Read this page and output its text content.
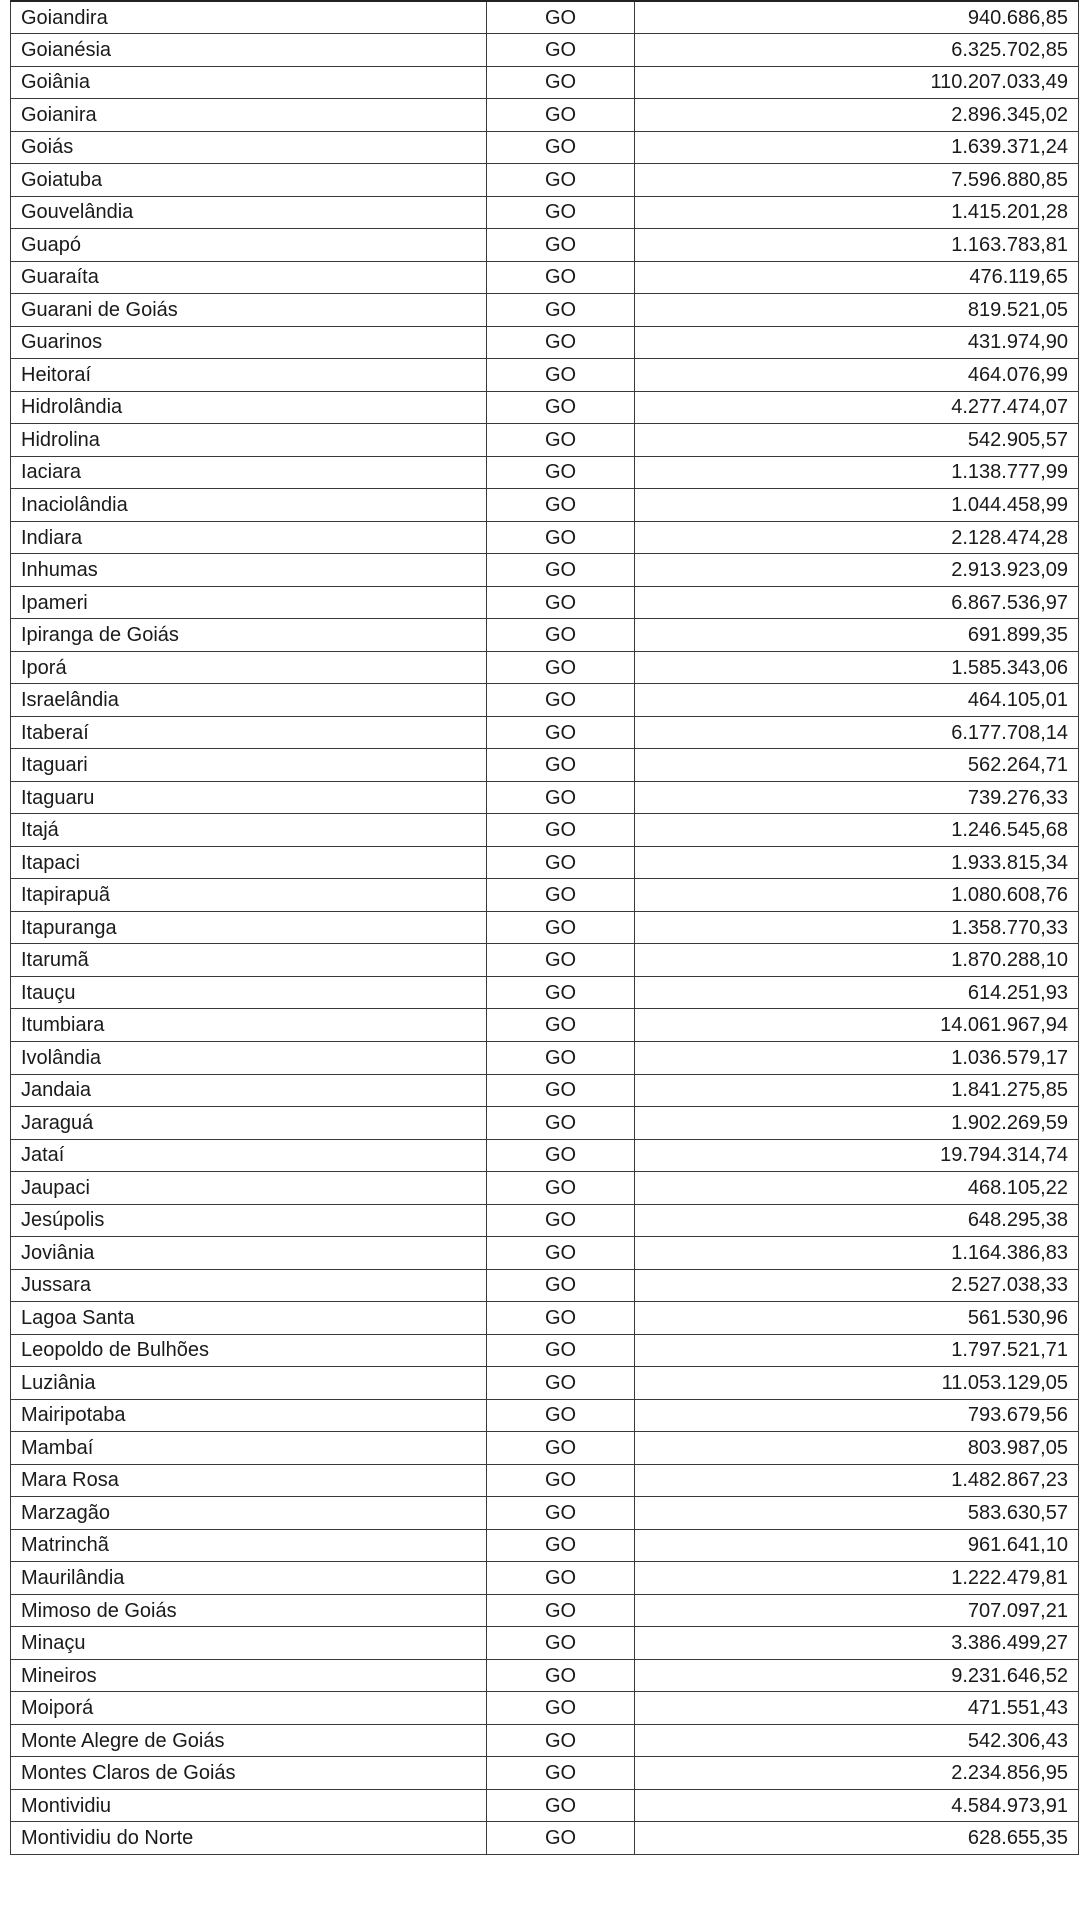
Goiandira	GO	940.686,85
Goianésia	GO	6.325.702,85
Goiânia	GO	110.207.033,49
Goianira	GO	2.896.345,02
Goiás	GO	1.639.371,24
Goiatuba	GO	7.596.880,85
Gouvelândia	GO	1.415.201,28
Guapó	GO	1.163.783,81
Guaraíta	GO	476.119,65
Guarani de Goiás	GO	819.521,05
Guarinos	GO	431.974,90
Heitoraí	GO	464.076,99
Hidrolândia	GO	4.277.474,07
Hidrolina	GO	542.905,57
Iaciara	GO	1.138.777,99
Inaciolândia	GO	1.044.458,99
Indiara	GO	2.128.474,28
Inhumas	GO	2.913.923,09
Ipameri	GO	6.867.536,97
Ipiranga de Goiás	GO	691.899,35
Iporá	GO	1.585.343,06
Israelândia	GO	464.105,01
Itaberaí	GO	6.177.708,14
Itaguari	GO	562.264,71
Itaguaru	GO	739.276,33
Itajá	GO	1.246.545,68
Itapaci	GO	1.933.815,34
Itapirapuã	GO	1.080.608,76
Itapuranga	GO	1.358.770,33
Itarumã	GO	1.870.288,10
Itauçu	GO	614.251,93
Itumbiara	GO	14.061.967,94
Ivolândia	GO	1.036.579,17
Jandaia	GO	1.841.275,85
Jaraguá	GO	1.902.269,59
Jataí	GO	19.794.314,74
Jaupaci	GO	468.105,22
Jesúpolis	GO	648.295,38
Joviânia	GO	1.164.386,83
Jussara	GO	2.527.038,33
Lagoa Santa	GO	561.530,96
Leopoldo de Bulhões	GO	1.797.521,71
Luziânia	GO	11.053.129,05
Mairipotaba	GO	793.679,56
Mambaí	GO	803.987,05
Mara Rosa	GO	1.482.867,23
Marzagão	GO	583.630,57
Matrinchã	GO	961.641,10
Maurilândia	GO	1.222.479,81
Mimoso de Goiás	GO	707.097,21
Minaçu	GO	3.386.499,27
Mineiros	GO	9.231.646,52
Moiporá	GO	471.551,43
Monte Alegre de Goiás	GO	542.306,43
Montes Claros de Goiás	GO	2.234.856,95
Montividiu	GO	4.584.973,91
Montividiu do Norte	GO	628.655,35
